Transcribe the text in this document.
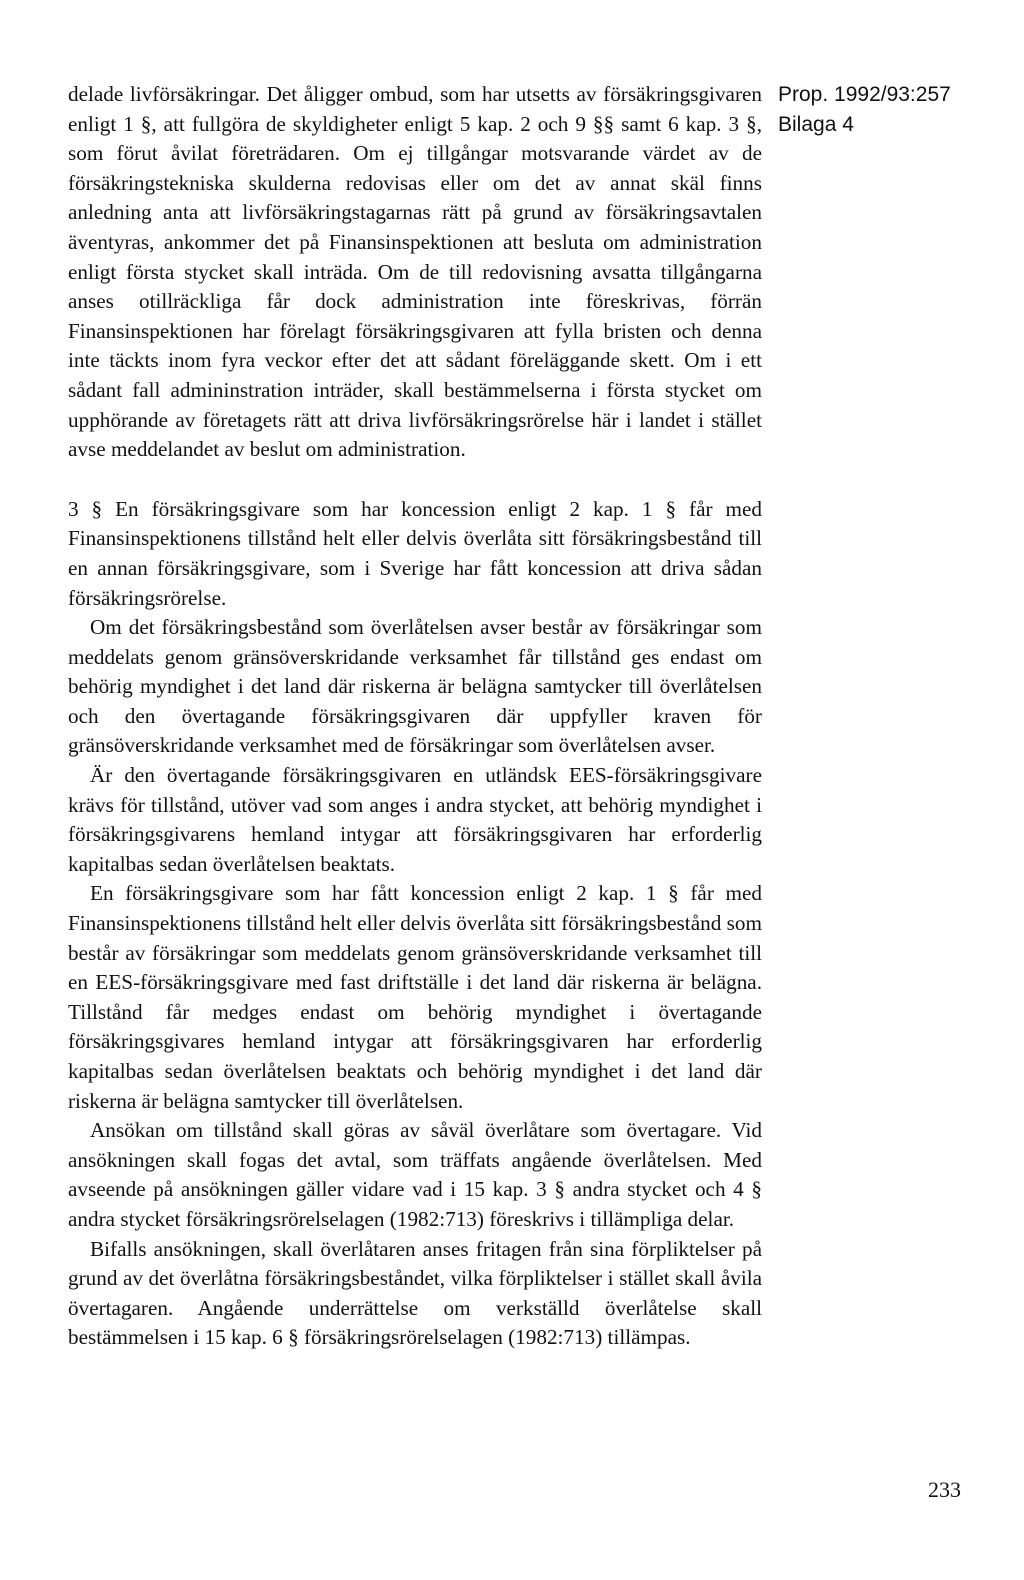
delade livförsäkringar. Det åligger ombud, som har utsetts av försäkringsgivaren enligt 1 §, att fullgöra de skyldigheter enligt 5 kap. 2 och 9 §§ samt 6 kap. 3 §, som förut åvilat företrädaren. Om ej tillgångar motsvarande värdet av de försäkringstekniska skulderna redovisas eller om det av annat skäl finns anledning anta att livförsäkringstagarnas rätt på grund av försäkringsavtalen äventyras, ankommer det på Finansinspektionen att besluta om administration enligt första stycket skall inträda. Om de till redovisning avsatta tillgångarna anses otillräckliga får dock administration inte föreskrivas, förrän Finansinspektionen har förelagt försäkringsgivaren att fylla bristen och denna inte täckts inom fyra veckor efter det att sådant föreläggande skett. Om i ett sådant fall admininstration inträder, skall bestämmelserna i första stycket om upphörande av företagets rätt att driva livförsäkringsrörelse här i landet i stället avse meddelandet av beslut om administration.

3 § En försäkringsgivare som har koncession enligt 2 kap. 1 § får med Finansinspektionens tillstånd helt eller delvis överlåta sitt försäkringsbestånd till en annan försäkringsgivare, som i Sverige har fått koncession att driva sådan försäkringsrörelse.

Om det försäkringsbestånd som överlåtelsen avser består av försäkringar som meddelats genom gränsöverskridande verksamhet får tillstånd ges endast om behörig myndighet i det land där riskerna är belägna samtycker till överlåtelsen och den övertagande försäkringsgivaren där uppfyller kraven för gränsöverskridande verksamhet med de försäkringar som överlåtelsen avser.

Är den övertagande försäkringsgivaren en utländsk EES-försäkringsgivare krävs för tillstånd, utöver vad som anges i andra stycket, att behörig myndighet i försäkringsgivarens hemland intygar att försäkringsgivaren har erforderlig kapitalbas sedan överlåtelsen beaktats.

En försäkringsgivare som har fått koncession enligt 2 kap. 1 § får med Finansinspektionens tillstånd helt eller delvis överlåta sitt försäkringsbestånd som består av försäkringar som meddelats genom gränsöverskridande verksamhet till en EES-försäkringsgivare med fast driftställe i det land där riskerna är belägna. Tillstånd får medges endast om behörig myndighet i övertagande försäkringsgivares hemland intygar att försäkringsgivaren har erforderlig kapitalbas sedan överlåtelsen beaktats och behörig myndighet i det land där riskerna är belägna samtycker till överlåtelsen.

Ansökan om tillstånd skall göras av såväl överlåtare som övertagare. Vid ansökningen skall fogas det avtal, som träffats angående överlåtelsen. Med avseende på ansökningen gäller vidare vad i 15 kap. 3 § andra stycket och 4 § andra stycket försäkringsrörelselagen (1982:713) föreskrivs i tillämpliga delar.

Bifalls ansökningen, skall överlåtaren anses fritagen från sina förpliktelser på grund av det överlåtna försäkringsbeståndet, vilka förpliktelser i stället skall åvila övertagaren. Angående underrättelse om verkställd överlåtelse skall bestämmelsen i 15 kap. 6 § försäkringsrörelselagen (1982:713) tillämpas.

Prop. 1992/93:257
Bilaga 4
233
